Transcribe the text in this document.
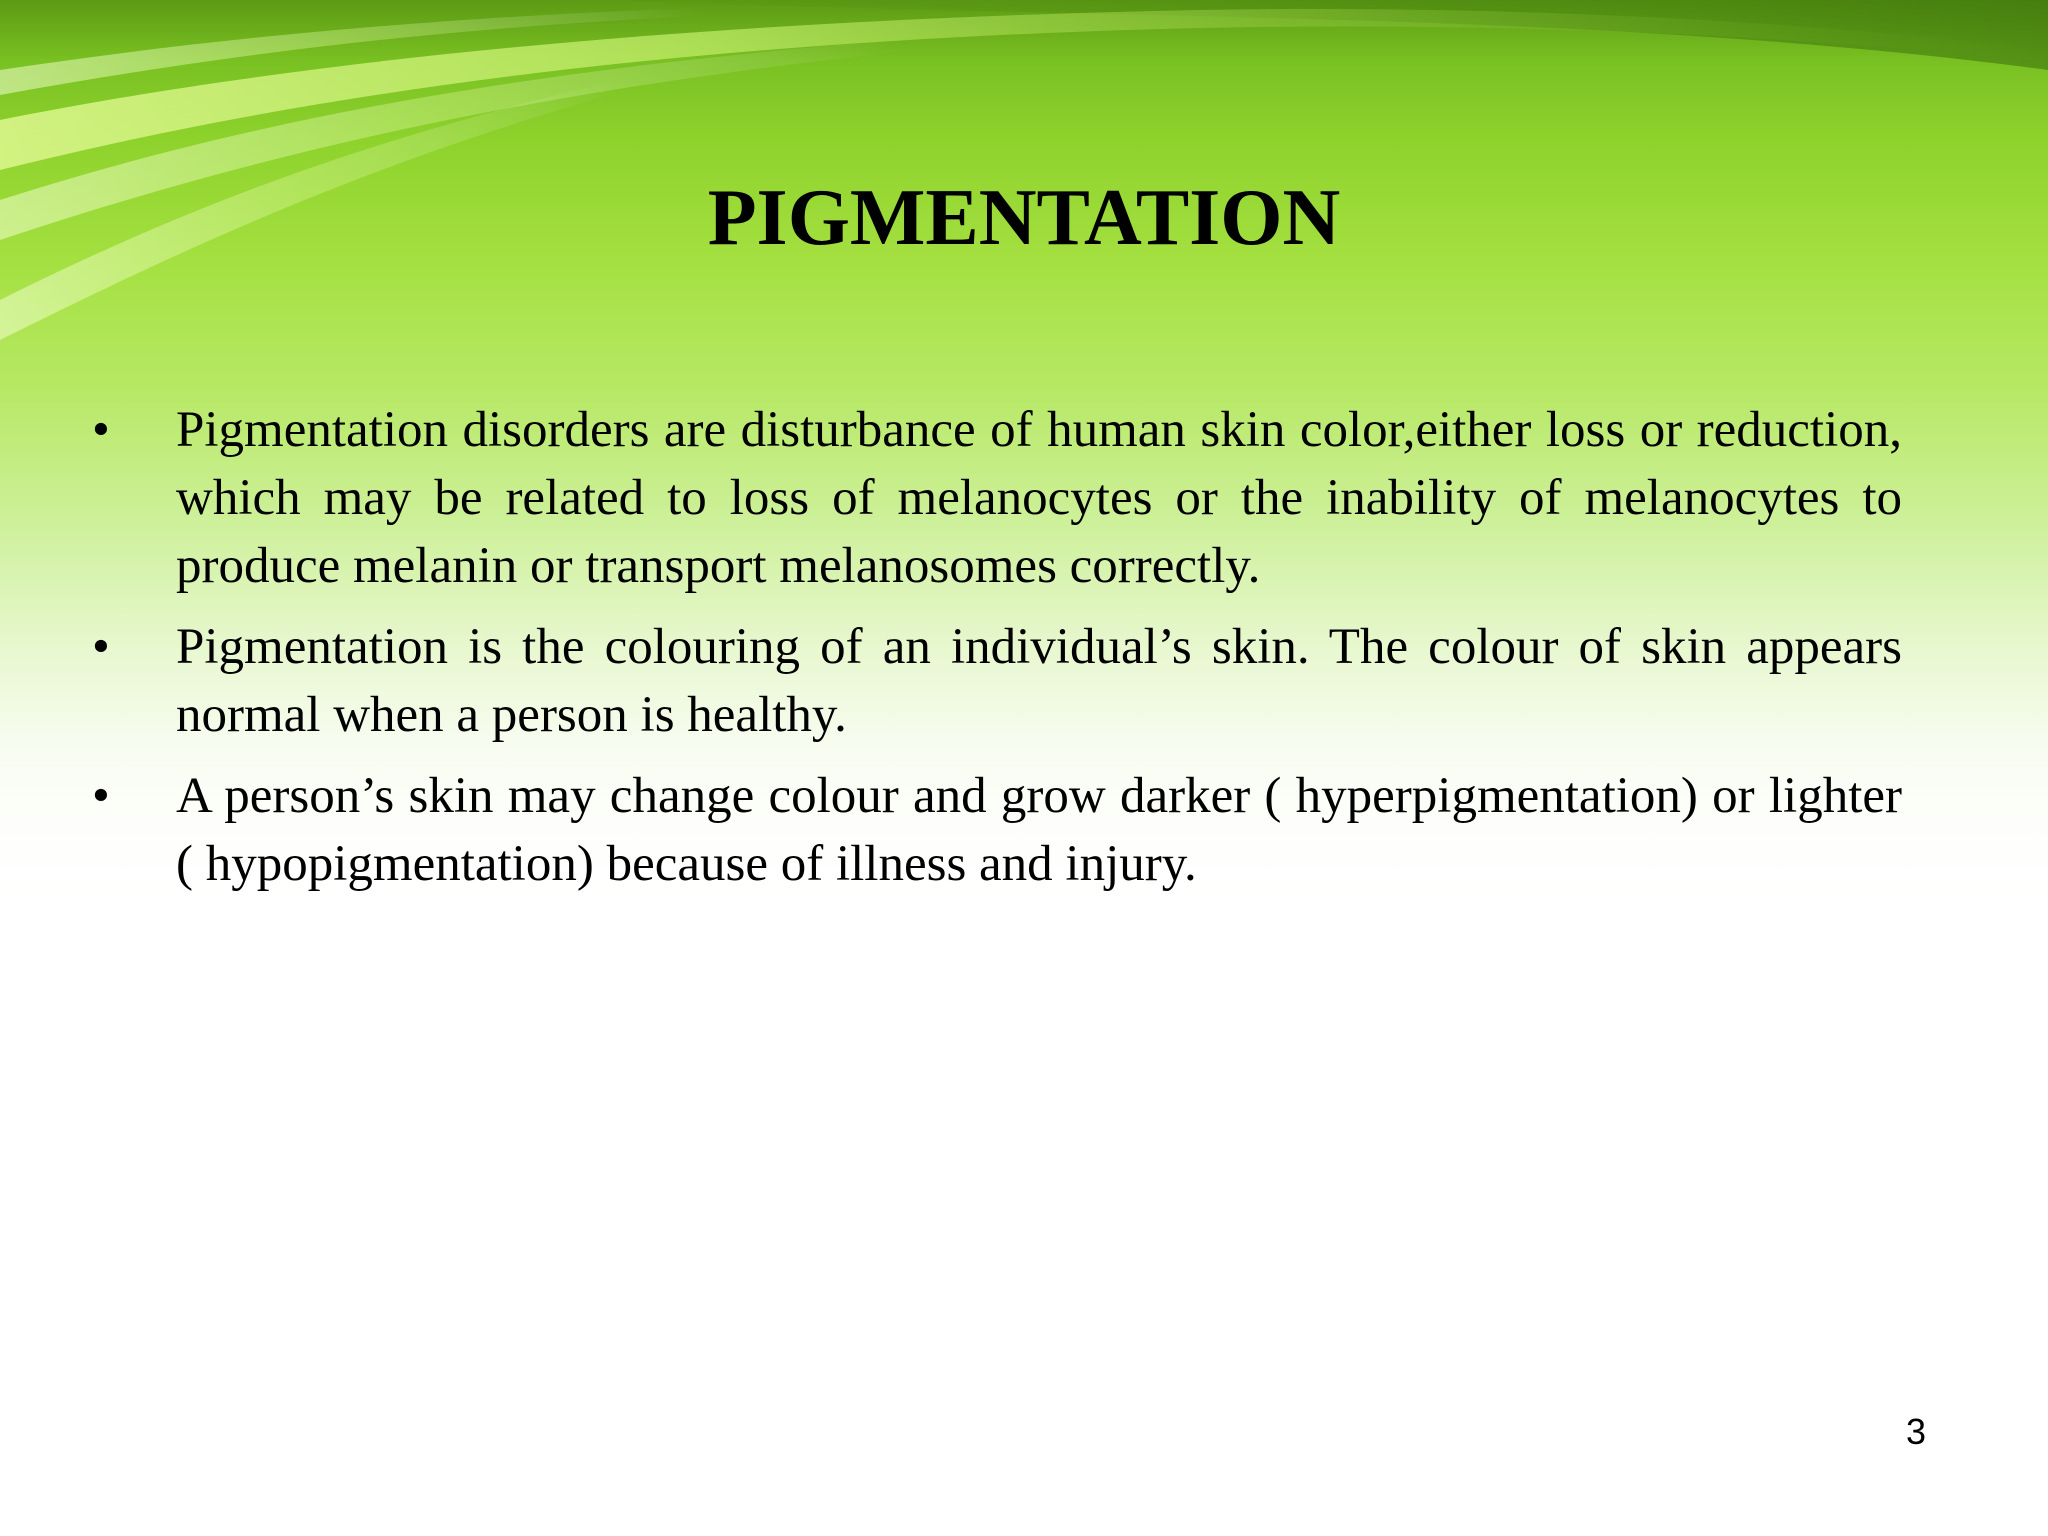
PIGMENTATION
•	Pigmentation disorders are disturbance of human skin color,either loss or reduction, which may be related to loss of melanocytes or the inability of melanocytes to produce melanin or transport melanosomes correctly.
•	Pigmentation is the colouring of an individual’s skin. The colour of skin appears normal when a person is healthy.
•	A person’s skin may change colour and grow darker ( hyperpigmentation) or lighter ( hypopigmentation) because of illness and injury.
3
